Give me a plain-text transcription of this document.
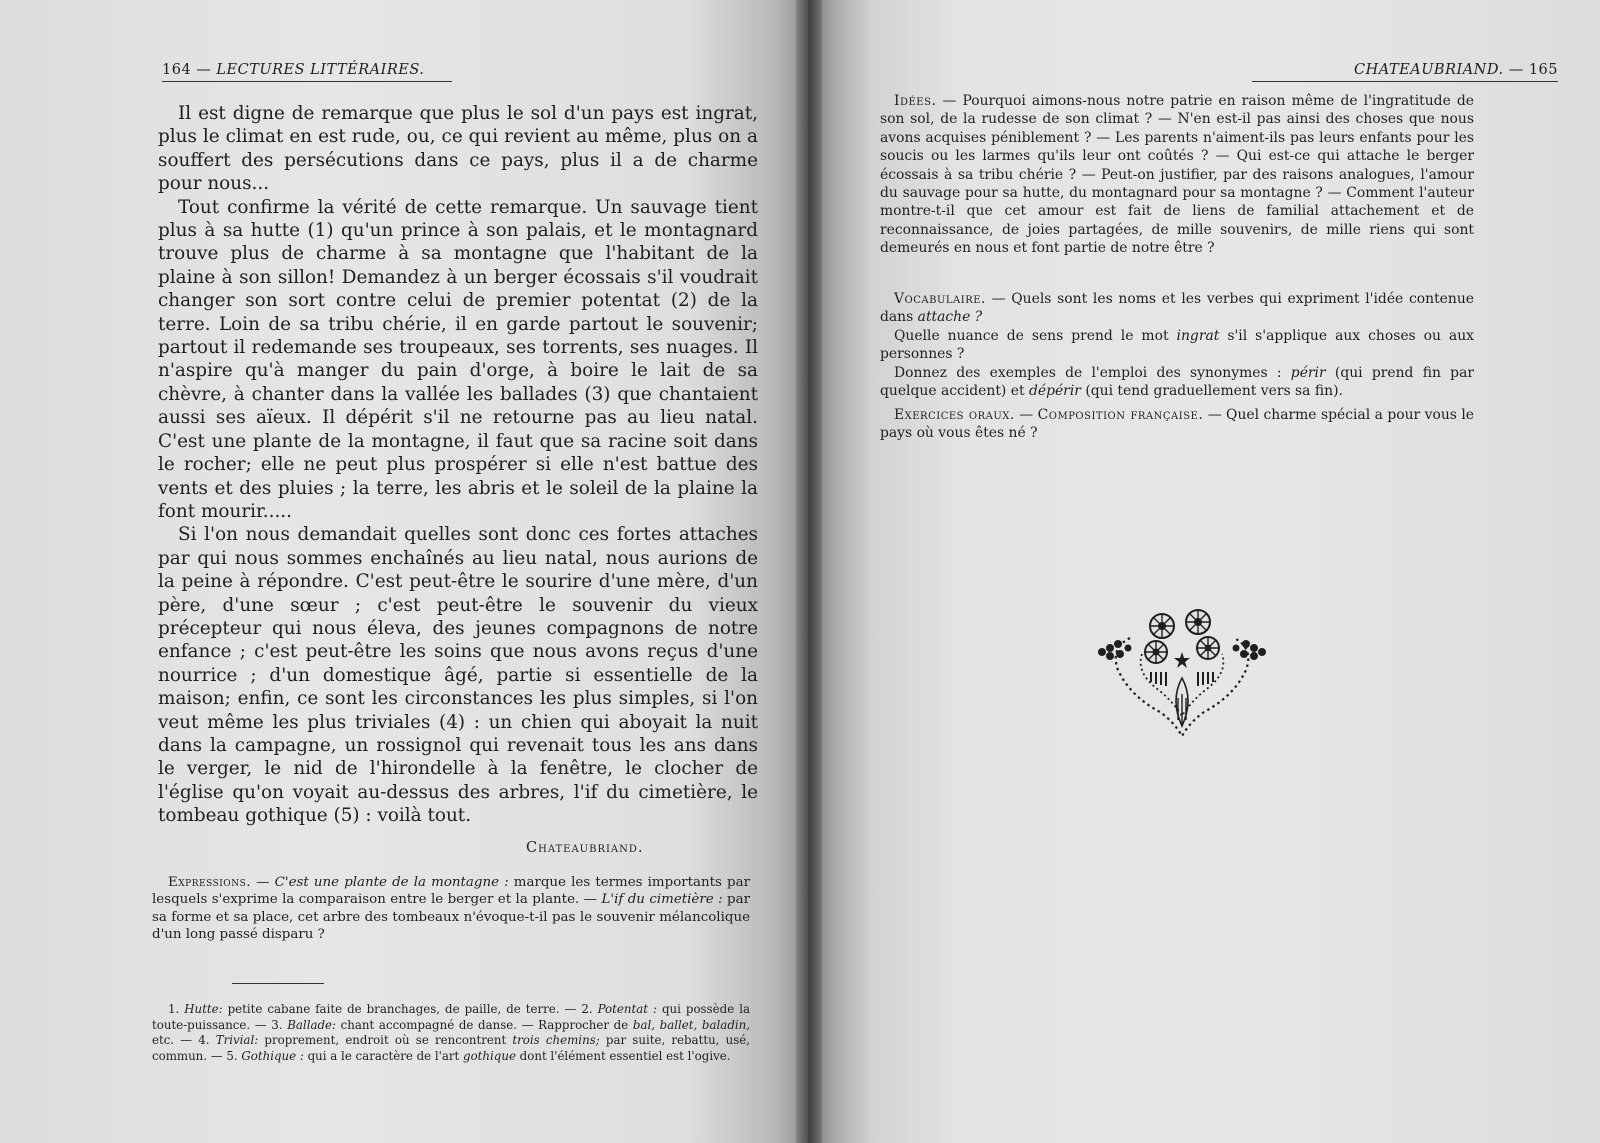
164 — LECTURES LITTÉRAIRES.

Il est digne de remarque que plus le sol d'un pays est ingrat, plus le climat en est rude, ou, ce qui revient au même, plus on a souffert des persécutions dans ce pays, plus il a de charme pour nous...

Tout confirme la vérité de cette remarque. Un sauvage tient plus à sa hutte (1) qu'un prince à son palais, et le montagnard trouve plus de charme à sa montagne que l'habitant de la plaine à son sillon! Demandez à un berger écossais s'il voudrait changer son sort contre celui de premier potentat (2) de la terre. Loin de sa tribu chérie, il en garde partout le souvenir; partout il redemande ses troupeaux, ses torrents, ses nuages. Il n'aspire qu'à manger du pain d'orge, à boire le lait de sa chèvre, à chanter dans la vallée les ballades (3) que chantaient aussi ses aïeux. Il dépérit s'il ne retourne pas au lieu natal. C'est une plante de la montagne, il faut que sa racine soit dans le rocher; elle ne peut plus prospérer si elle n'est battue des vents et des pluies ; la terre, les abris et le soleil de la plaine la font mourir.....

Si l'on nous demandait quelles sont donc ces fortes attaches par qui nous sommes enchaînés au lieu natal, nous aurions de la peine à répondre. C'est peut-être le sourire d'une mère, d'un père, d'une sœur ; c'est peut-être le souvenir du vieux précepteur qui nous éleva, des jeunes compagnons de notre enfance ; c'est peut-être les soins que nous avons reçus d'une nourrice ; d'un domestique âgé, partie si essentielle de la maison; enfin, ce sont les circonstances les plus simples, si l'on veut même les plus triviales (4) : un chien qui aboyait la nuit dans la campagne, un rossignol qui revenait tous les ans dans le verger, le nid de l'hirondelle à la fenêtre, le clocher de l'église qu'on voyait au-dessus des arbres, l'if du cimetière, le tombeau gothique (5) : voilà tout.

Chateaubriand.

Expressions. — C'est une plante de la montagne : marque les termes importants par lesquels s'exprime la comparaison entre le berger et la plante. — L'if du cimetière : par sa forme et sa place, cet arbre des tombeaux n'évoque-t-il pas le souvenir mélancolique d'un long passé disparu ?

1. Hutte: petite cabane faite de branchages, de paille, de terre. — 2. Potentat : qui possède la toute-puissance. — 3. Ballade: chant accompagné de danse. — Rapprocher de bal, ballet, baladin, etc. — 4. Trivial: proprement, endroit où se rencontrent trois chemins; par suite, rebattu, usé, commun. — 5. Gothique : qui a le caractère de l'art gothique dont l'élément essentiel est l'ogive.

CHATEAUBRIAND. — 165

Idées. — Pourquoi aimons-nous notre patrie en raison même de l'ingratitude de son sol, de la rudesse de son climat ? — N'en est-il pas ainsi des choses que nous avons acquises péniblement ? — Les parents n'aiment-ils pas leurs enfants pour les soucis ou les larmes qu'ils leur ont coûtés ? — Qui est-ce qui attache le berger écossais à sa tribu chérie ? — Peut-on justifier, par des raisons analogues, l'amour du sauvage pour sa hutte, du montagnard pour sa montagne ? — Comment l'auteur montre-t-il que cet amour est fait de liens de familial attachement et de reconnaissance, de joies partagées, de mille souvenirs, de mille riens qui sont demeurés en nous et font partie de notre être ?

Vocabulaire. — Quels sont les noms et les verbes qui expriment l'idée contenue dans attache ?

Quelle nuance de sens prend le mot ingrat s'il s'applique aux choses ou aux personnes ?

Donnez des exemples de l'emploi des synonymes : périr (qui prend fin par quelque accident) et dépérir (qui tend graduellement vers sa fin).

Exercices oraux. — Composition française. — Quel charme spécial a pour vous le pays où vous êtes né ?
